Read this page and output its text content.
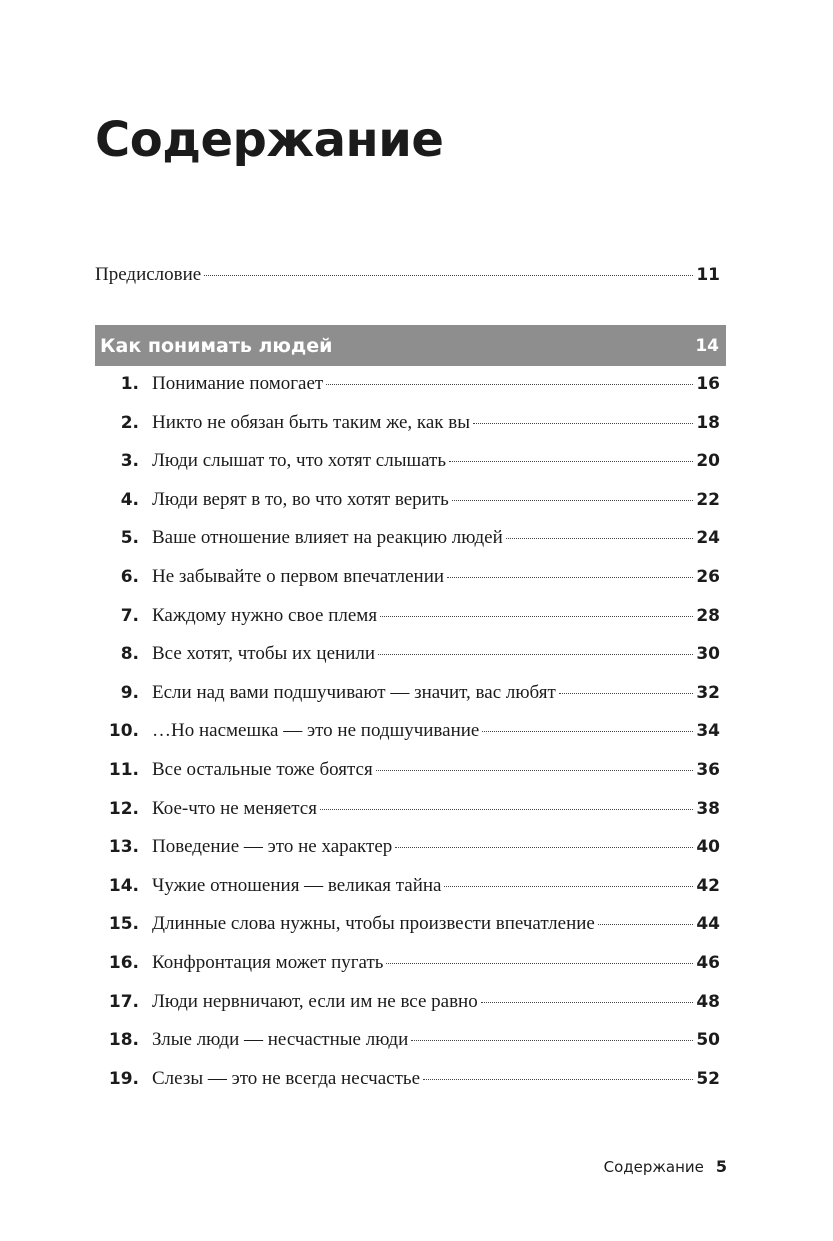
Содержание
Предисловие	11
Как понимать людей	14
1. Понимание помогает	16
2. Никто не обязан быть таким же, как вы	18
3. Люди слышат то, что хотят слышать	20
4. Люди верят в то, во что хотят верить	22
5. Ваше отношение влияет на реакцию людей	24
6. Не забывайте о первом впечатлении	26
7. Каждому нужно свое племя	28
8. Все хотят, чтобы их ценили	30
9. Если над вами подшучивают — значит, вас любят	32
10. …Но насмешка — это не подшучивание	34
11. Все остальные тоже боятся	36
12. Кое-что не меняется	38
13. Поведение — это не характер	40
14. Чужие отношения — великая тайна	42
15. Длинные слова нужны, чтобы произвести впечатление	44
16. Конфронтация может пугать	46
17. Люди нервничают, если им не все равно	48
18. Злые люди — несчастные люди	50
19. Слезы — это не всегда несчастье	52
Содержание 5
